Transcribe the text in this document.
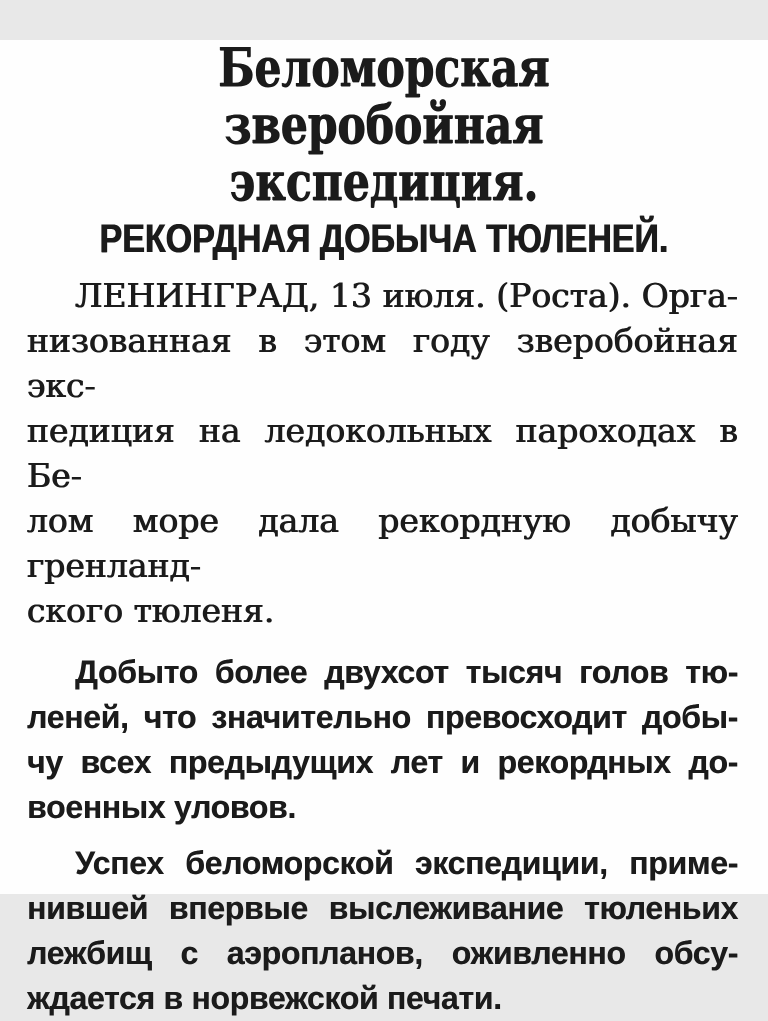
Беломорская зверобойная
экспедиция.
РЕКОРДНАЯ ДОБЫЧА ТЮЛЕНЕЙ.

ЛЕНИНГРАД, 13 июля. (Роста). Орга-
низованная в этом году зверобойная экс-
педиция на ледокольных пароходах в Бе-
лом море дала рекордную добычу гренланд-
ского тюленя.

Добыто более двухсот тысяч голов тю-
леней, что значительно превосходит добы-
чу всех предыдущих лет и рекордных до-
военных уловов.

Успех беломорской экспедиции, приме-
нившей впервые выслеживание тюленьих
лежбищ с аэропланов, оживленно обсу-
ждается в норвежской печати.
